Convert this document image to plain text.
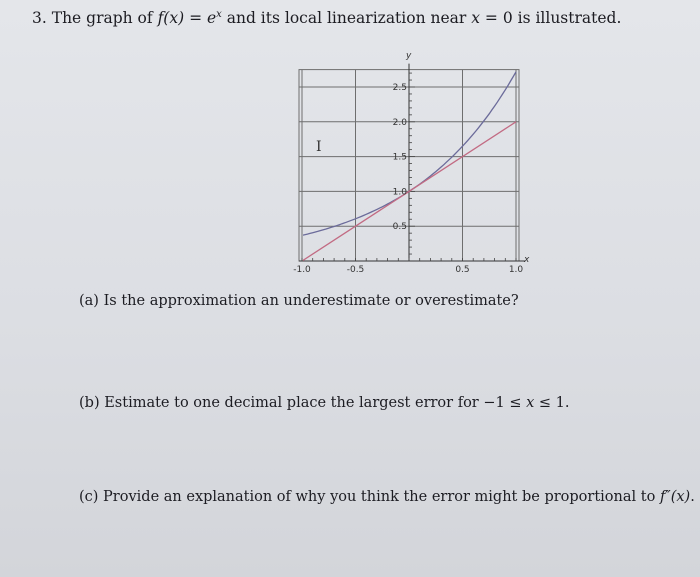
3. The graph of $f(x) = e^x$ and its local linearization near x = 0 is illustrated.
-1.0	-0.5	0.5	1.0
0.5
1.0
1.5
2.0
2.5
y
x
I
(a) Is the approximation an underestimate or overestimate?
(b) Estimate to one decimal place the largest error for −1 ≤ x ≤ 1.
(c) Provide an explanation of why you think the error might be proportional to f″(x).
